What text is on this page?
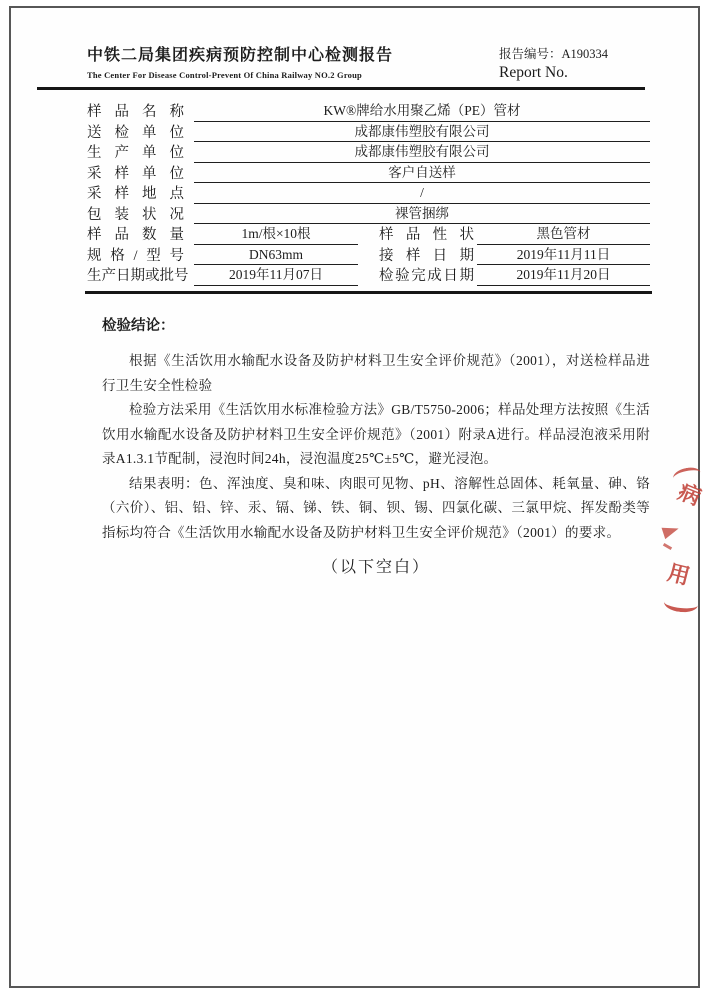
中铁二局集团疾病预防控制中心检测报告
The Center For Disease Control-Prevent Of China Railway NO.2 Group
报告编号：A190334
Report No.
样 品 名 称	KW®牌给水用聚乙烯（PE）管材
送 检 单 位	成都康伟塑胶有限公司
生 产 单 位	成都康伟塑胶有限公司
采 样 单 位	客户自送样
采 样 地 点	/
包 装 状 况	裸管捆绑
样 品 数 量	1m/根×10根	样 品 性 状	黑色管材
规 格 / 型 号	DN63mm	接 样 日 期	2019年11月11日
生 产 日 期 或 批 号	2019年11月07日	检 验 完 成 日 期	2019年11月20日
检验结论：

根据《生活饮用水输配水设备及防护材料卫生安全评价规范》（2001），对送检样品进行卫生安全性检验

检验方法采用《生活饮用水标准检验方法》GB/T5750-2006；样品处理方法按照《生活饮用水输配水设备及防护材料卫生安全评价规范》（2001）附录A进行。样品浸泡液采用附录A1.3.1节配制，浸泡时间24h，浸泡温度25℃±5℃，避光浸泡。

结果表明：色、浑浊度、臭和味、肉眼可见物、pH、溶解性总固体、耗氧量、砷、铬（六价）、铝、铅、锌、汞、镉、锑、铁、铜、钡、锡、四氯化碳、三氯甲烷、挥发酚类等指标均符合《生活饮用水输配水设备及防护材料卫生安全评价规范》（2001）的要求。

（以下空白）
病
用
